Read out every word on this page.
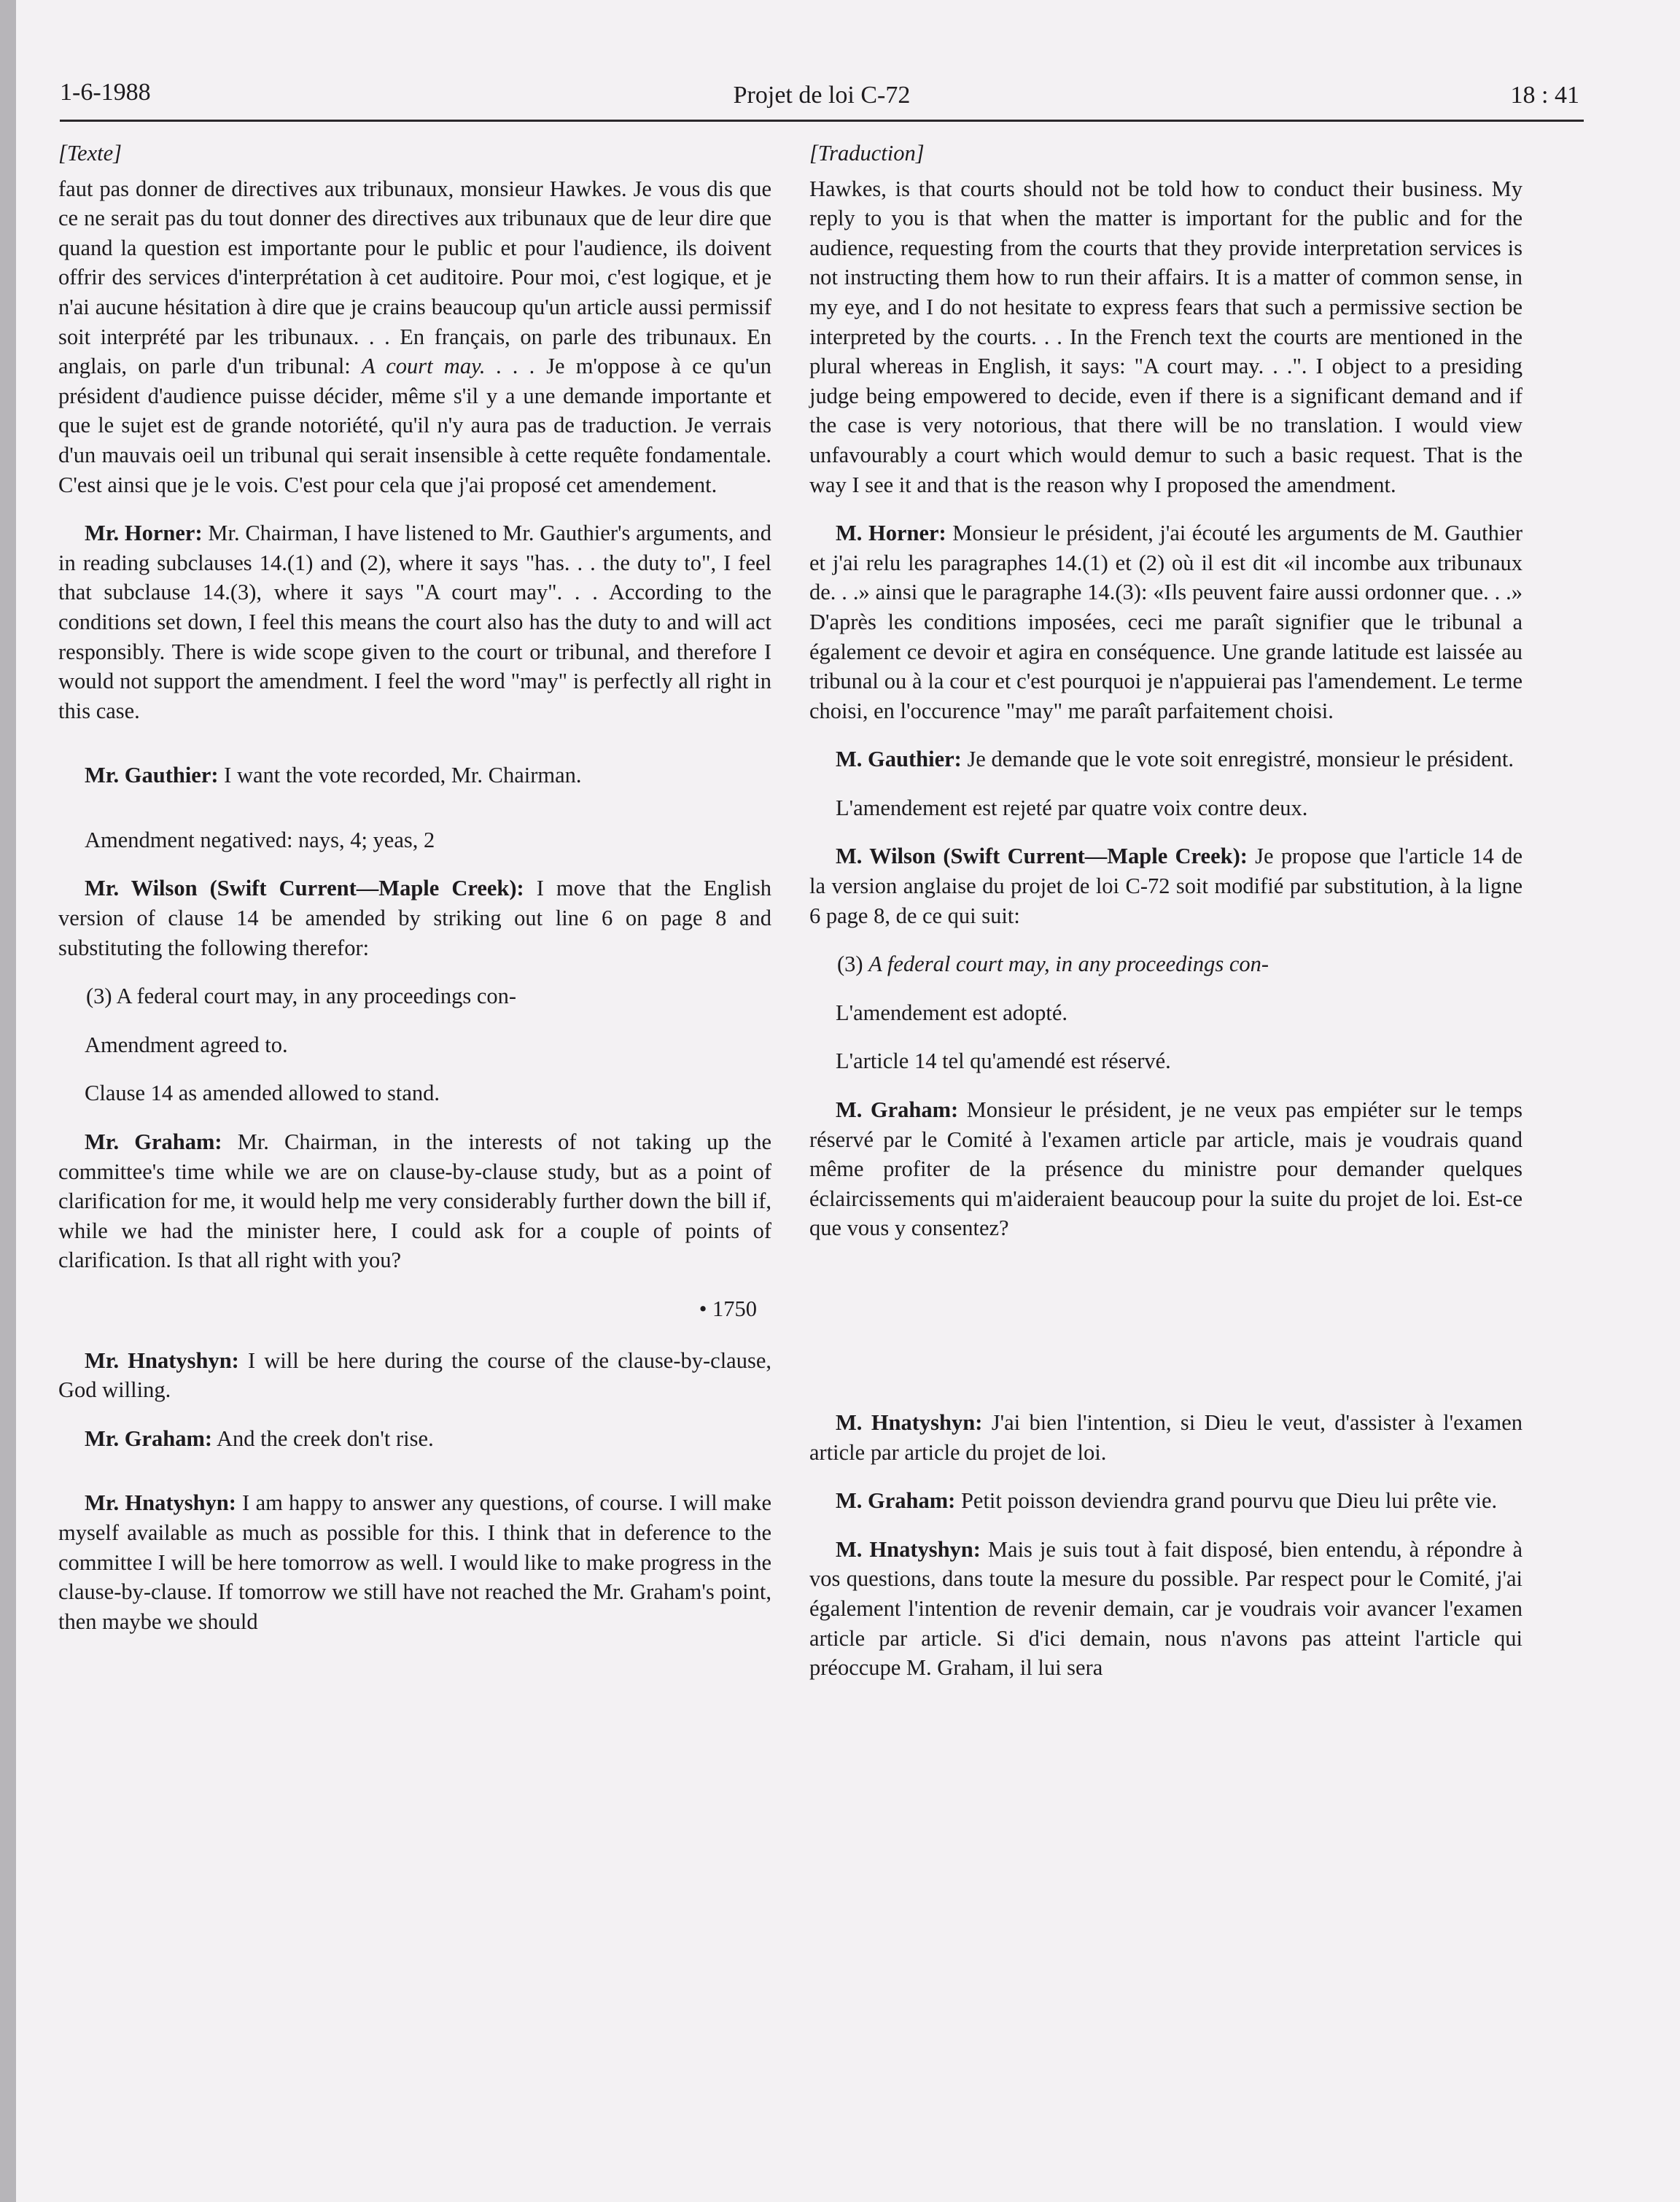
1-6-1988	Projet de loi C-72	18 : 41

[Texte]

faut pas donner de directives aux tribunaux, monsieur Hawkes. Je vous dis que ce ne serait pas du tout donner des directives aux tribunaux que de leur dire que quand la question est importante pour le public et pour l'audience, ils doivent offrir des services d'interprétation à cet auditoire. Pour moi, c'est logique, et je n'ai aucune hésitation à dire que je crains beaucoup qu'un article aussi permissif soit interprété par les tribunaux. . . En français, on parle des tribunaux. En anglais, on parle d'un tribunal: A court may. . . . Je m'oppose à ce qu'un président d'audience puisse décider, même s'il y a une demande importante et que le sujet est de grande notoriété, qu'il n'y aura pas de traduction. Je verrais d'un mauvais oeil un tribunal qui serait insensible à cette requête fondamentale. C'est ainsi que je le vois. C'est pour cela que j'ai proposé cet amendement.

Mr. Horner: Mr. Chairman, I have listened to Mr. Gauthier's arguments, and in reading subclauses 14.(1) and (2), where it says "has. . . the duty to", I feel that subclause 14.(3), where it says "A court may". . . According to the conditions set down, I feel this means the court also has the duty to and will act responsibly. There is wide scope given to the court or tribunal, and therefore I would not support the amendment. I feel the word "may" is perfectly all right in this case.

Mr. Gauthier: I want the vote recorded, Mr. Chairman.

Amendment negatived: nays, 4; yeas, 2

Mr. Wilson (Swift Current—Maple Creek): I move that the English version of clause 14 be amended by striking out line 6 on page 8 and substituting the following therefor:

(3) A federal court may, in any proceedings con-

Amendment agreed to.

Clause 14 as amended allowed to stand.

Mr. Graham: Mr. Chairman, in the interests of not taking up the committee's time while we are on clause-by-clause study, but as a point of clarification for me, it would help me very considerably further down the bill if, while we had the minister here, I could ask for a couple of points of clarification. Is that all right with you?

• 1750

Mr. Hnatyshyn: I will be here during the course of the clause-by-clause, God willing.

Mr. Graham: And the creek don't rise.

Mr. Hnatyshyn: I am happy to answer any questions, of course. I will make myself available as much as possible for this. I think that in deference to the committee I will be here tomorrow as well. I would like to make progress in the clause-by-clause. If tomorrow we still have not reached the Mr. Graham's point, then maybe we should

[Traduction]

Hawkes, is that courts should not be told how to conduct their business. My reply to you is that when the matter is important for the public and for the audience, requesting from the courts that they provide interpretation services is not instructing them how to run their affairs. It is a matter of common sense, in my eye, and I do not hesitate to express fears that such a permissive section be interpreted by the courts. . . In the French text the courts are mentioned in the plural whereas in English, it says: "A court may. . .". I object to a presiding judge being empowered to decide, even if there is a significant demand and if the case is very notorious, that there will be no translation. I would view unfavourably a court which would demur to such a basic request. That is the way I see it and that is the reason why I proposed the amendment.

M. Horner: Monsieur le président, j'ai écouté les arguments de M. Gauthier et j'ai relu les paragraphes 14.(1) et (2) où il est dit «il incombe aux tribunaux de. . .» ainsi que le paragraphe 14.(3): «Ils peuvent faire aussi ordonner que. . .» D'après les conditions imposées, ceci me paraît signifier que le tribunal a également ce devoir et agira en conséquence. Une grande latitude est laissée au tribunal ou à la cour et c'est pourquoi je n'appuierai pas l'amendement. Le terme choisi, en l'occurence "may" me paraît parfaitement choisi.

M. Gauthier: Je demande que le vote soit enregistré, monsieur le président.

L'amendement est rejeté par quatre voix contre deux.

M. Wilson (Swift Current—Maple Creek): Je propose que l'article 14 de la version anglaise du projet de loi C-72 soit modifié par substitution, à la ligne 6 page 8, de ce qui suit:

(3) A federal court may, in any proceedings con-

L'amendement est adopté.

L'article 14 tel qu'amendé est réservé.

M. Graham: Monsieur le président, je ne veux pas empiéter sur le temps réservé par le Comité à l'examen article par article, mais je voudrais quand même profiter de la présence du ministre pour demander quelques éclaircissements qui m'aideraient beaucoup pour la suite du projet de loi. Est-ce que vous y consentez?

M. Hnatyshyn: J'ai bien l'intention, si Dieu le veut, d'assister à l'examen article par article du projet de loi.

M. Graham: Petit poisson deviendra grand pourvu que Dieu lui prête vie.

M. Hnatyshyn: Mais je suis tout à fait disposé, bien entendu, à répondre à vos questions, dans toute la mesure du possible. Par respect pour le Comité, j'ai également l'intention de revenir demain, car je voudrais voir avancer l'examen article par article. Si d'ici demain, nous n'avons pas atteint l'article qui préoccupe M. Graham, il lui sera
